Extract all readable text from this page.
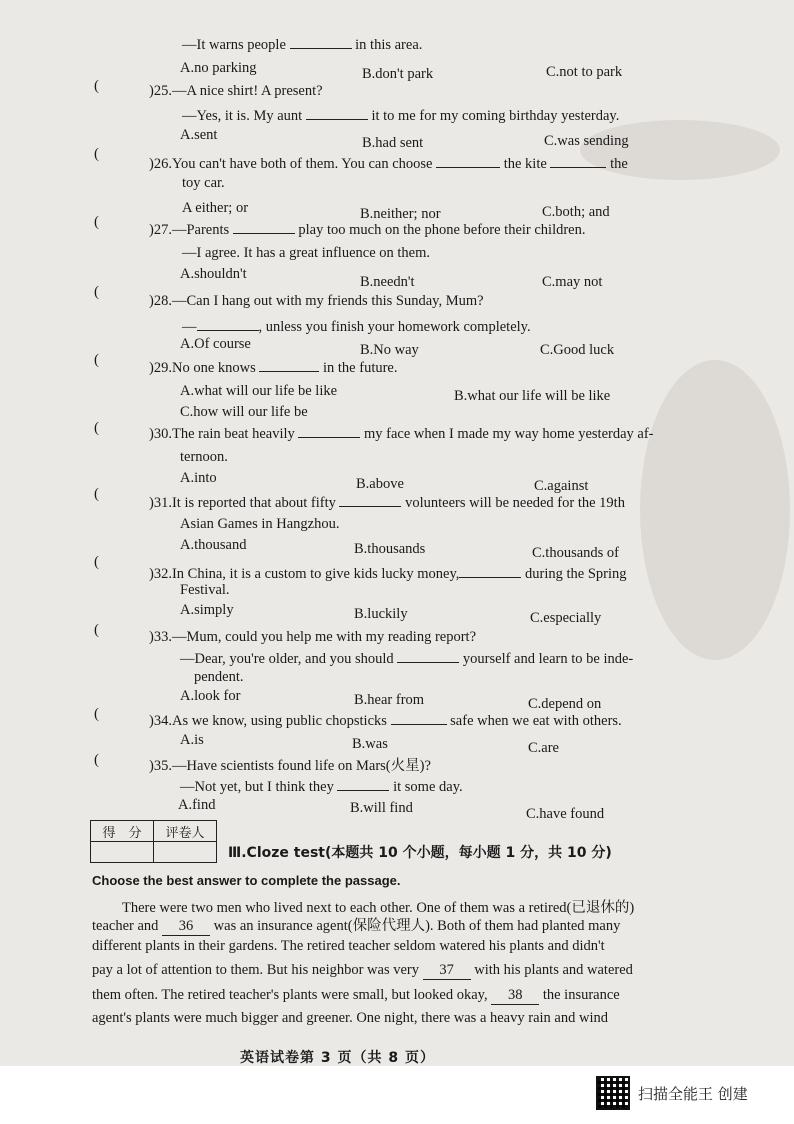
—It warns people	in this area.
A.no parking	B.don't park	C.not to park
(	)25.—A nice shirt! A present?
—Yes, it is. My aunt	it to me for my coming birthday yesterday.
A.sent	B.had sent	C.was sending
(
)26.You can't have both of them. You can choose	the kite	the
toy car.
A either; or	B.neither; nor	C.both; and
(	)27.—Parents	play too much on the phone before their children.
—I agree. It has a great influence on them.
A.shouldn't	B.needn't	C.may not
(
)28.—Can I hang out with my friends this Sunday, Mum?
—	, unless you finish your homework completely.
A.Of course	B.No way	C.Good luck
(	)29.No one knows	in the future.
A.what will our life be like	B.what our life will be like
C.how will our life be
(	)30.The rain beat heavily	my face when I made my way home yesterday af-
ternoon.
A.into	B.above	C.against
(
)31.It is reported that about fifty	volunteers will be needed for the 19th
Asian Games in Hangzhou.
A.thousand	B.thousands	C.thousands of
(
)32.In China, it is a custom to give kids lucky money,	during the Spring
Festival.
A.simply	B.luckily	C.especially
(	)33.—Mum, could you help me with my reading report?
—Dear, you're older, and you should	yourself and learn to be inde-
pendent.
A.look for	B.hear from	C.depend on
(	)34.As we know, using public chopsticks	safe when we eat with others.
A.is	B.was	C.are
(	)35.—Have scientists found life on Mars(火星)?
—Not yet, but I think they	it some day.
A.find	B.will find	C.have found
得　分	评卷人

Ⅲ.Cloze test(本题共 10 个小题，每小题 1 分，共 10 分)
Choose the best answer to complete the passage.
There were two men who lived next to each other. One of them was a retired(已退休的)
teacher and 36 was an insurance agent(保险代理人). Both of them had planted many
different plants in their gardens. The retired teacher seldom watered his plants and didn't
pay a lot of attention to them. But his neighbor was very 37 with his plants and watered
them often. The retired teacher's plants were small, but looked okay, 38 the insurance
agent's plants were much bigger and greener. One night, there was a heavy rain and wind
英语试卷第 3 页（共 8 页）
扫描全能王 创建
